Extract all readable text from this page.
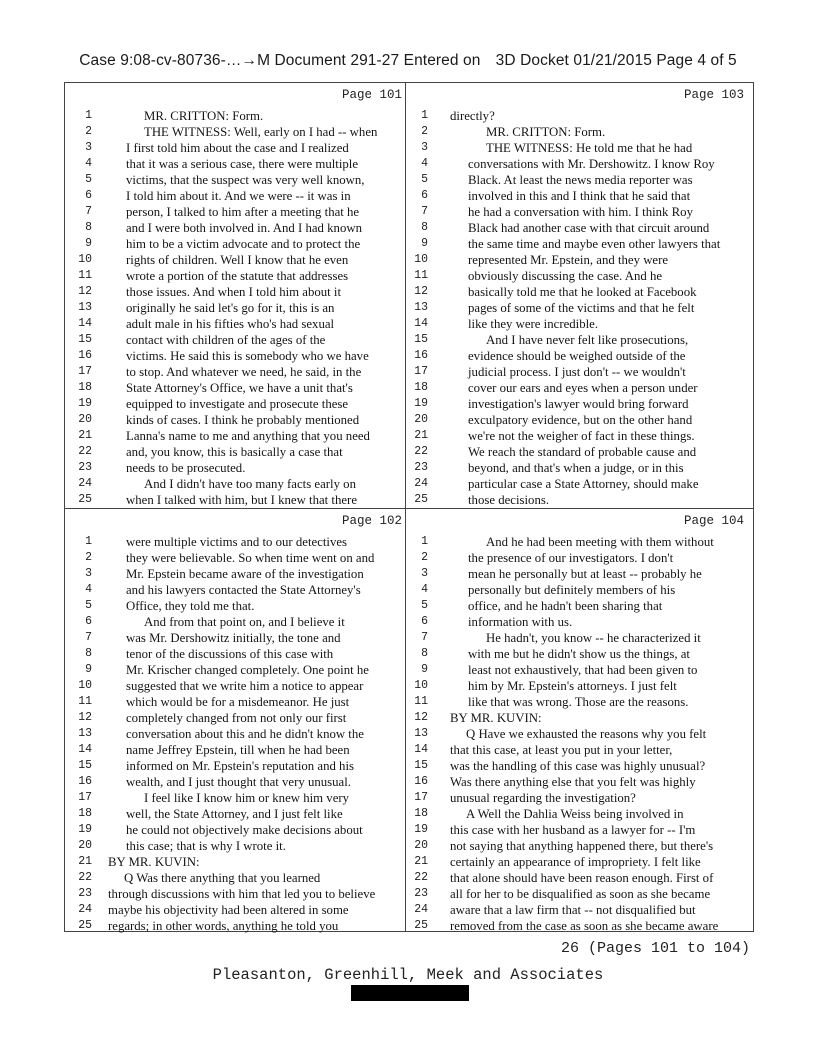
Case 9:08-cv-80736-…→M Document 291-27 Entered on    3D Docket 01/21/2015 Page 4 of 5
Page 101
1	MR. CRITTON: Form.
2	THE WITNESS: Well, early on I had -- when
3	I first told him about the case and I realized
4	that it was a serious case, there were multiple
5	victims, that the suspect was very well known,
6	I told him about it. And we were -- it was in
7	person, I talked to him after a meeting that he
8	and I were both involved in. And I had known
9	him to be a victim advocate and to protect the
10	rights of children. Well I know that he even
11	wrote a portion of the statute that addresses
12	those issues. And when I told him about it
13	originally he said let's go for it, this is an
14	adult male in his fifties who's had sexual
15	contact with children of the ages of the
16	victims. He said this is somebody who we have
17	to stop. And whatever we need, he said, in the
18	State Attorney's Office, we have a unit that's
19	equipped to investigate and prosecute these
20	kinds of cases. I think he probably mentioned
21	Lanna's name to me and anything that you need
22	and, you know, this is basically a case that
23	needs to be prosecuted.
24	And I didn't have too many facts early on
25	when I talked with him, but I knew that there
Page 103
1 directly?
2	MR. CRITTON: Form.
3	THE WITNESS: He told me that he had
4	conversations with Mr. Dershowitz. I know Roy
5	Black. At least the news media reporter was
6	involved in this and I think that he said that
7	he had a conversation with him. I think Roy
8	Black had another case with that circuit around
9	the same time and maybe even other lawyers that
10	represented Mr. Epstein, and they were
11	obviously discussing the case. And he
12	basically told me that he looked at Facebook
13	pages of some of the victims and that he felt
14	like they were incredible.
15	And I have never felt like prosecutions,
16	evidence should be weighed outside of the
17	judicial process. I just don't -- we wouldn't
18	cover our ears and eyes when a person under
19	investigation's lawyer would bring forward
20	exculpatory evidence, but on the other hand
21	we're not the weigher of fact in these things.
22	We reach the standard of probable cause and
23	beyond, and that's when a judge, or in this
24	particular case a State Attorney, should make
25	those decisions.
Page 102
1	were multiple victims and to our detectives
2	they were believable. So when time went on and
3	Mr. Epstein became aware of the investigation
4	and his lawyers contacted the State Attorney's
5	Office, they told me that.
6	And from that point on, and I believe it
7	was Mr. Dershowitz initially, the tone and
8	tenor of the discussions of this case with
9	Mr. Krischer changed completely. One point he
10	suggested that we write him a notice to appear
11	which would be for a misdemeanor. He just
12	completely changed from not only our first
13	conversation about this and he didn't know the
14	name Jeffrey Epstein, till when he had been
15	informed on Mr. Epstein's reputation and his
16	wealth, and I just thought that very unusual.
17	I feel like I know him or knew him very
18	well, the State Attorney, and I just felt like
19	he could not objectively make decisions about
20	this case; that is why I wrote it.
21 BY MR. KUVIN:
22	Q Was there anything that you learned
23 through discussions with him that led you to believe
24 maybe his objectivity had been altered in some
25 regards; in other words, anything he told you
Page 104
1	And he had been meeting with them without
2	the presence of our investigators. I don't
3	mean he personally but at least -- probably he
4	personally but definitely members of his
5	office, and he hadn't been sharing that
6	information with us.
7	He hadn't, you know -- he characterized it
8	with me but he didn't show us the things, at
9	least not exhaustively, that had been given to
10	him by Mr. Epstein's attorneys. I just felt
11	like that was wrong. Those are the reasons.
12 BY MR. KUVIN:
13	Q Have we exhausted the reasons why you felt
14 that this case, at least you put in your letter,
15 was the handling of this case was highly unusual?
16 Was there anything else that you felt was highly
17 unusual regarding the investigation?
18	A Well the Dahlia Weiss being involved in
19 this case with her husband as a lawyer for -- I'm
20 not saying that anything happened there, but there's
21 certainly an appearance of impropriety. I felt like
22 that alone should have been reason enough. First of
23 all for her to be disqualified as soon as she became
24 aware that a law firm that -- not disqualified but
25 removed from the case as soon as she became aware
26 (Pages 101 to 104)
Pleasanton, Greenhill, Meek and Associates
